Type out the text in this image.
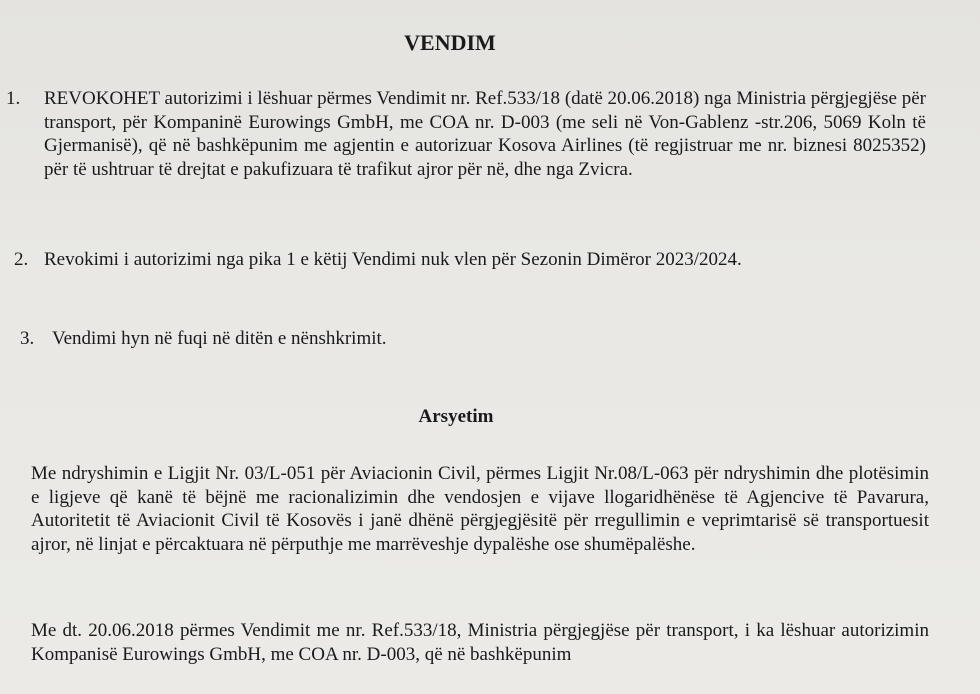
VENDIM
1. REVOKOHET autorizimi i lëshuar përmes Vendimit nr. Ref.533/18 (datë 20.06.2018) nga Ministria përgjegjëse për transport, për Kompaninë Eurowings GmbH, me COA nr. D-003 (me seli në Von-Gablenz -str.206, 5069 Koln të Gjermanisë), që në bashkëpunim me agjentin e autorizuar Kosova Airlines (të regjistruar me nr. biznesi 8025352) për të ushtruar të drejtat e pakufizuara të trafikut ajror për në, dhe nga Zvicra.
2. Revokimi i autorizimi nga pika 1 e këtij Vendimi nuk vlen për Sezonin Dimëror 2023/2024.
3. Vendimi hyn në fuqi në ditën e nënshkrimit.
Arsyetim
Me ndryshimin e Ligjit Nr. 03/L-051 për Aviacionin Civil, përmes Ligjit Nr.08/L-063 për ndryshimin dhe plotësimin e ligjeve që kanë të bëjnë me racionalizimin dhe vendosjen e vijave llogaridhënëse të Agjencive të Pavarura, Autoritetit të Aviacionit Civil të Kosovës i janë dhënë përgjegjësitë për rregullimin e veprimtarisë së transportuesit ajror, në linjat e përcaktuara në përputhje me marrëveshje dypalëshe ose shumëpalëshe.
Me dt. 20.06.2018 përmes Vendimit me nr. Ref.533/18, Ministria përgjegjëse për transport, i ka lëshuar autorizimin Kompanisë Eurowings GmbH, me COA nr. D-003, që në bashkëpunim
